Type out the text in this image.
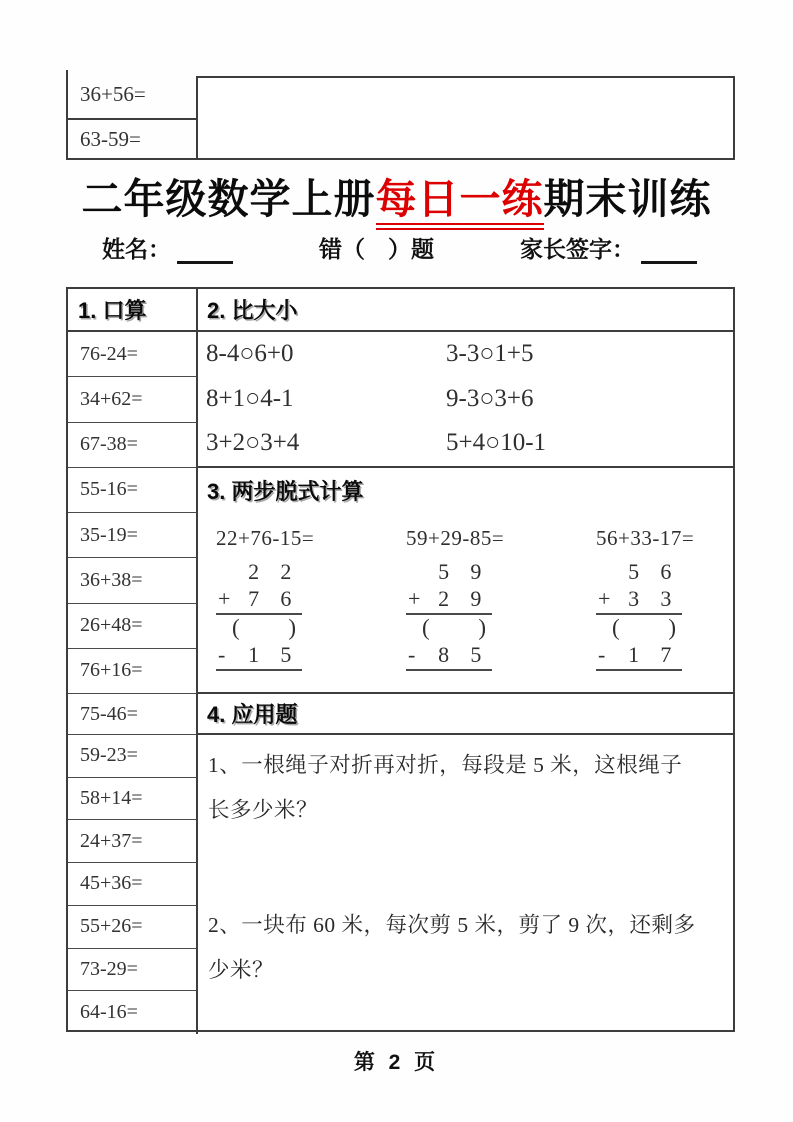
36+56=
63-59=
二年级数学上册每日一练期末训练
姓名：	错（　）题	家长签字：
1. 口算
76-24=
34+62=
67-38=
55-16=
35-19=
36+38=
26+48=
76+16=
75-46=
59-23=
58+14=
24+37=
45+36=
55+26=
73-29=
64-16=
2. 比大小
8-4○6+0	3-3○1+5
8+1○4-1	9-3○3+6
3+2○3+4	5+4○10-1
3. 两步脱式计算
22+76-15=
2 2
+ 7 6
( )
-	1 5
59+29-85=
5 9
+ 2 9
( )
-	8 5
56+33-17=
5 6
+ 3 3
( )
-	1 7
4. 应用题
1、一根绳子对折再对折，每段是 5 米，这根绳子
长多少米？
2、一块布 60 米，每次剪 5 米，剪了 9 次，还剩多
少米？
第 2 页
